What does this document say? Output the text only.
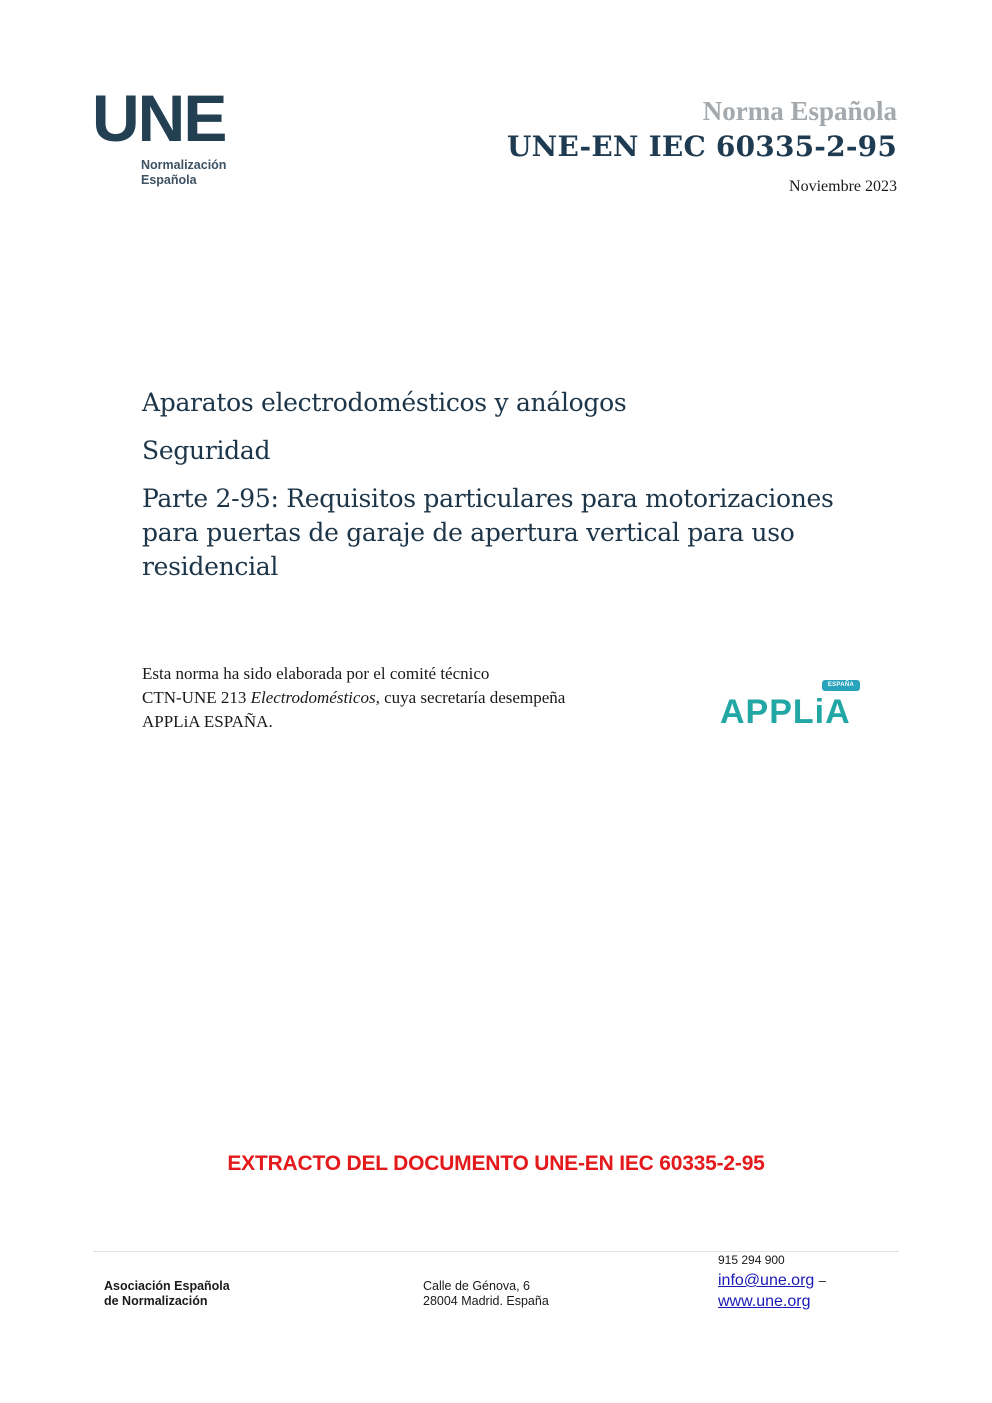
UNE
Normalización
Española
Norma Española
UNE-EN IEC 60335-2-95
Noviembre 2023
Aparatos electrodomésticos y análogos
Seguridad
Parte 2-95: Requisitos particulares para motorizaciones para puertas de garaje de apertura vertical para uso residencial
Esta norma ha sido elaborada por el comité técnico
CTN-UNE 213 Electrodomésticos, cuya secretaría desempeña
APPLiA ESPAÑA.
ESPAÑA
APPLiA
EXTRACTO DEL DOCUMENTO UNE-EN IEC 60335-2-95
Asociación Española
de Normalización
Calle de Génova, 6
28004 Madrid. España
915 294 900
info@une.org –
www.une.org
